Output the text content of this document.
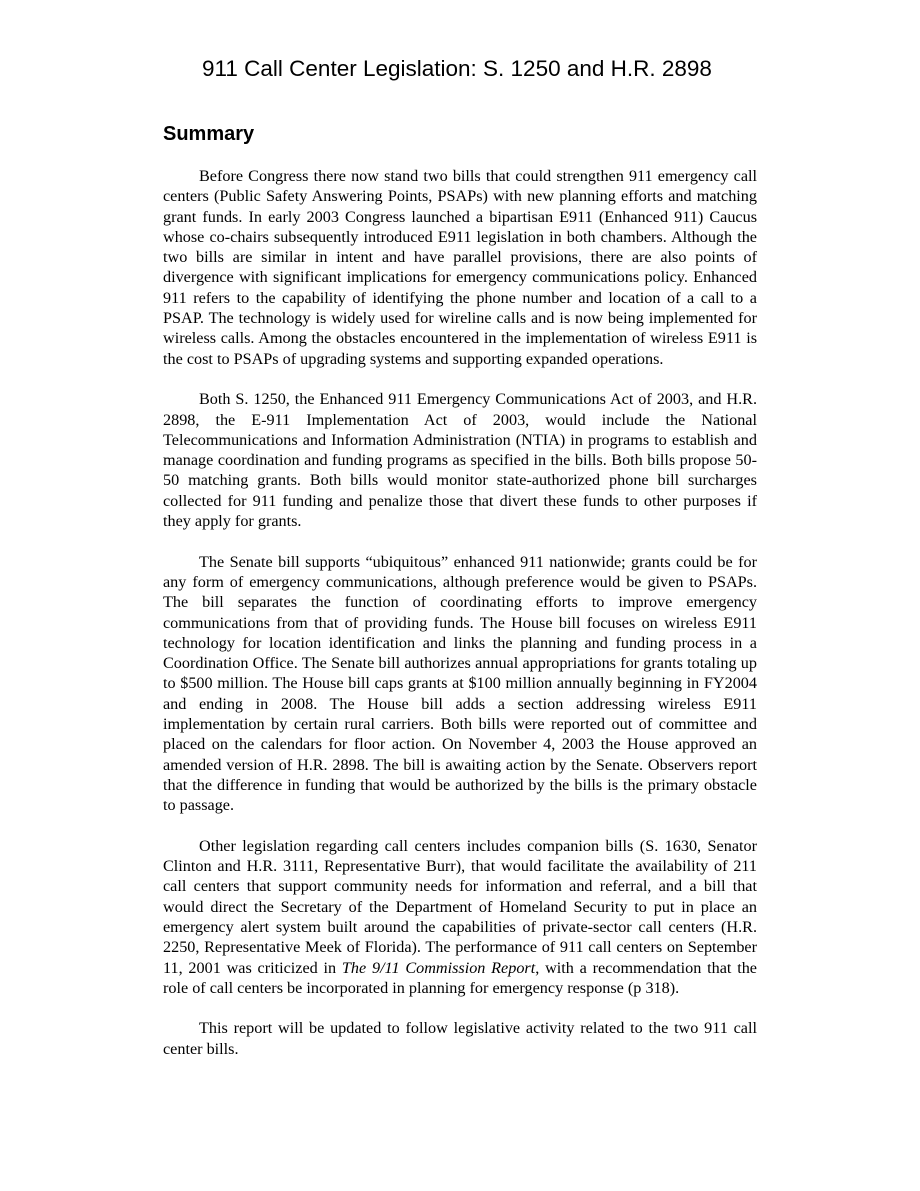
911 Call Center Legislation: S. 1250 and H.R. 2898
Summary

Before Congress there now stand two bills that could strengthen 911 emergency call centers (Public Safety Answering Points, PSAPs) with new planning efforts and matching grant funds. In early 2003 Congress launched a bipartisan E911 (Enhanced 911) Caucus whose co-chairs subsequently introduced E911 legislation in both chambers. Although the two bills are similar in intent and have parallel provisions, there are also points of divergence with significant implications for emergency communications policy. Enhanced 911 refers to the capability of identifying the phone number and location of a call to a PSAP. The technology is widely used for wireline calls and is now being implemented for wireless calls. Among the obstacles encountered in the implementation of wireless E911 is the cost to PSAPs of upgrading systems and supporting expanded operations.

Both S. 1250, the Enhanced 911 Emergency Communications Act of 2003, and H.R. 2898, the E-911 Implementation Act of 2003, would include the National Telecommunications and Information Administration (NTIA) in programs to establish and manage coordination and funding programs as specified in the bills. Both bills propose 50-50 matching grants. Both bills would monitor state-authorized phone bill surcharges collected for 911 funding and penalize those that divert these funds to other purposes if they apply for grants.

The Senate bill supports “ubiquitous” enhanced 911 nationwide; grants could be for any form of emergency communications, although preference would be given to PSAPs. The bill separates the function of coordinating efforts to improve emergency communications from that of providing funds. The House bill focuses on wireless E911 technology for location identification and links the planning and funding process in a Coordination Office. The Senate bill authorizes annual appropriations for grants totaling up to $500 million. The House bill caps grants at $100 million annually beginning in FY2004 and ending in 2008. The House bill adds a section addressing wireless E911 implementation by certain rural carriers. Both bills were reported out of committee and placed on the calendars for floor action. On November 4, 2003 the House approved an amended version of H.R. 2898. The bill is awaiting action by the Senate. Observers report that the difference in funding that would be authorized by the bills is the primary obstacle to passage.

Other legislation regarding call centers includes companion bills (S. 1630, Senator Clinton and H.R. 3111, Representative Burr), that would facilitate the availability of 211 call centers that support community needs for information and referral, and a bill that would direct the Secretary of the Department of Homeland Security to put in place an emergency alert system built around the capabilities of private-sector call centers (H.R. 2250, Representative Meek of Florida). The performance of 911 call centers on September 11, 2001 was criticized in The 9/11 Commission Report, with a recommendation that the role of call centers be incorporated in planning for emergency response (p 318).

This report will be updated to follow legislative activity related to the two 911 call center bills.
